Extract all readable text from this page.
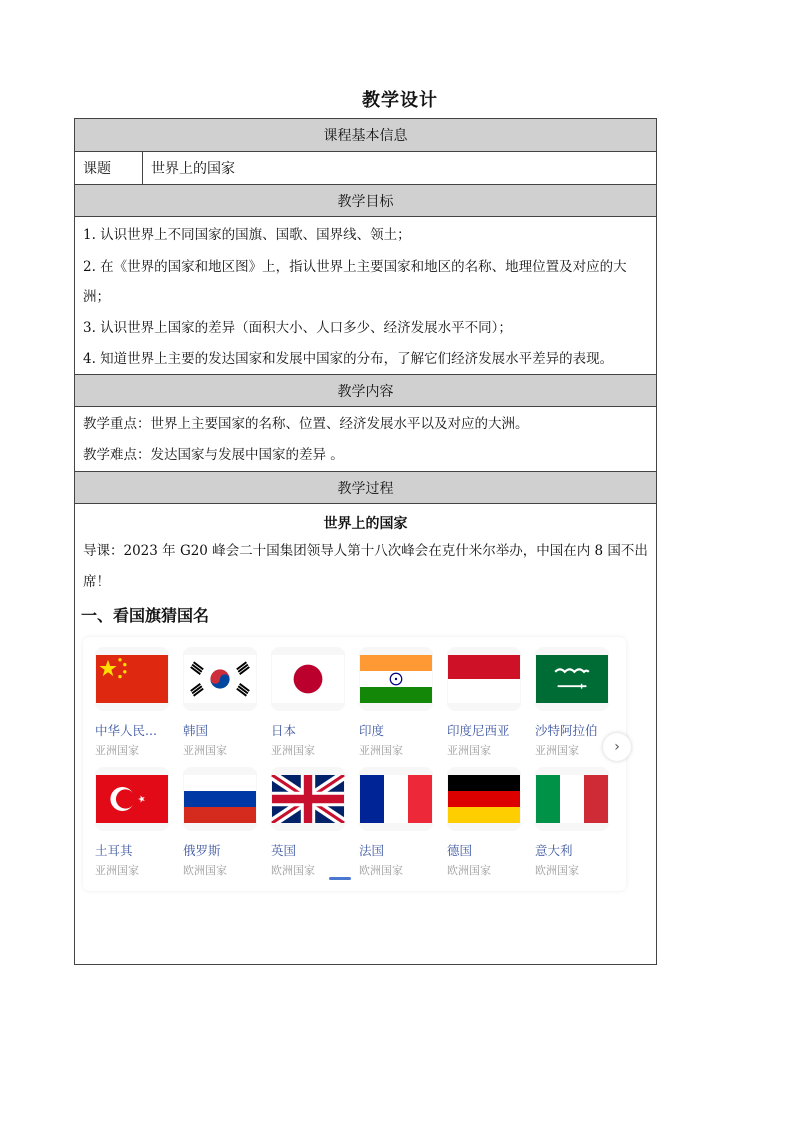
教学设计
课程基本信息
课题	世界上的国家
教学目标
1. 认识世界上不同国家的国旗、国歌、国界线、领土；
2. 在《世界的国家和地区图》上，指认世界上主要国家和地区的名称、地理位置及对应的大
洲；
3. 认识世界上国家的差异（面积大小、人口多少、经济发展水平不同）；
4. 知道世界上主要的发达国家和发展中国家的分布，了解它们经济发展水平差异的表现。
教学内容
教学重点：世界上主要国家的名称、位置、经济发展水平以及对应的大洲。
教学难点：发达国家与发展中国家的差异 。
教学过程
世界上的国家
导课：2023 年 G20 峰会二十国集团领导人第十八次峰会在克什米尔举办，中国在内 8 国不出
席！
一、看国旗猜国名
中华人民...
亚洲国家
韩国
亚洲国家
日本
亚洲国家
印度
亚洲国家
印度尼西亚
亚洲国家
沙特阿拉伯
亚洲国家
土耳其
亚洲国家
俄罗斯
欧洲国家
英国
欧洲国家
法国
欧洲国家
德国
欧洲国家
意大利
欧洲国家
›
